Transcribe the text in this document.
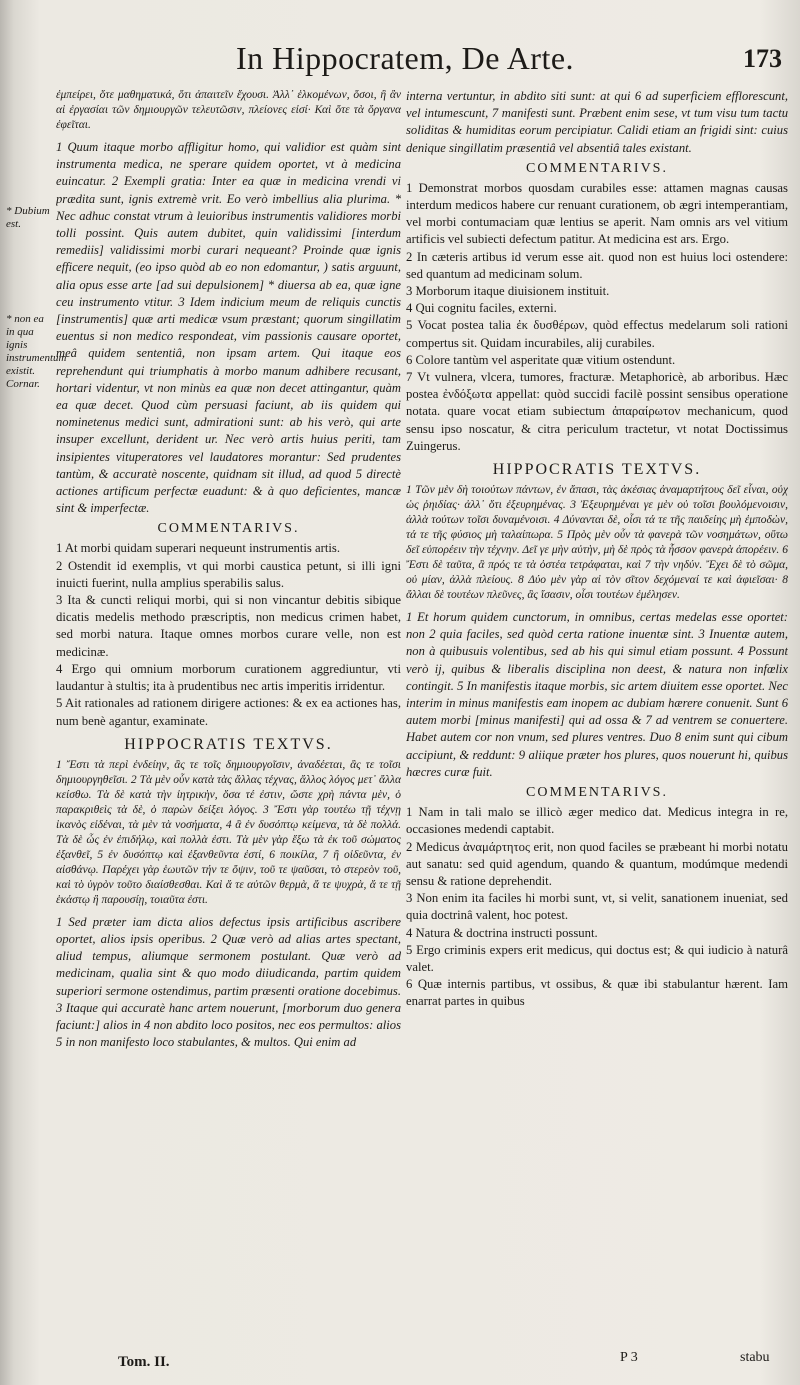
In Hippocratem, De Arte.	173
* Dubium est.
* non ea in qua ignis instrumentum existit. Cornar.

ἐμπείρει, ὅτε μαθηματικά, ὅτι ἀπαιτεῖν ἔχουσι. Ἀλλ᾽ ἑλκομένων, ὅσοι, ἢ ἂν αἱ ἐργασίαι τῶν δημιουργῶν τελευτῶσιν, πλείονες εἰσί· Καὶ ὅτε τὰ ὄργανα ἐφεῖται.

1 Quum itaque morbo affligitur homo, qui validior est quàm sint instrumenta medica, ne sperare quidem oportet, vt à medicina euincatur. 2 Exempli gratia: Inter ea quæ in medicina vrendi vi prædita sunt, ignis extremè vrit. Eo verò imbellius alia plurima. * Nec adhuc constat vtrum à leuioribus instrumentis validiores morbi tolli possint. Quis autem dubitet, quin validissimi [interdum remediis] validissimi morbi curari nequeant? Proinde quæ ignis efficere nequit, (eo ipso quòd ab eo non edomantur, ) satis arguunt, alia opus esse arte [ad sui depulsionem] * diuersa ab ea, quæ igne ceu instrumento vtitur. 3 Idem indicium meum de reliquis cunctis [instrumentis] quæ arti medicæ vsum præstant; quorum singillatim euentus si non medico respondeat, vim passionis causare oportet, meâ quidem sententiâ, non ipsam artem. Qui itaque eos reprehendunt qui triumphatis à morbo manum adhibere recusant, hortari videntur, vt non minùs ea quæ non decet attingantur, quàm ea quæ decet. Quod cùm persuasi faciunt, ab iis quidem qui nominetenus medici sunt, admirationi sunt: ab his verò, qui arte insuper excellunt, derident ur. Nec verò artis huius periti, tam insipientes vituperatores vel laudatores morantur: Sed prudentes tantùm, & accuratè noscente, quidnam sit illud, ad quod 5 directè actiones artificum perfectæ euadunt: & à quo deficientes, mancæ sint & imperfectæ.

COMMENTARIVS.

1 At morbi quidam superari nequeunt instrumentis artis.

2 Ostendit id exemplis, vt qui morbi caustica petunt, si illi igni inuicti fuerint, nulla amplius sperabilis salus.

3 Ita & cuncti reliqui morbi, qui si non vincantur debitis sibique dicatis medelis methodo præscriptis, non medicus crimen habet, sed morbi natura. Itaque omnes morbos curare velle, non est medicinæ.

4 Ergo qui omnium morborum curationem aggrediuntur, vti laudantur à stultis; ita à prudentibus nec artis imperitis irridentur.

5 Ait rationales ad rationem dirigere actiones: & ex ea actiones has, num benè agantur, examinate.

HIPPOCRATIS TEXTVS.

1 Ἔστι τὰ περὶ ἐνδείην, ἃς τε τοῖς δημιουργοῖσιν, ἀναδέεται, ἃς τε τοῖσι δημιουργηθεῖσι. 2 Τὰ μὲν οὖν κατὰ τὰς ἄλλας τέχνας, ἄλλος λόγος μετ᾽ ἄλλα κείσθω. Τὰ δὲ κατὰ τὴν ἰητρικὴν, ὅσα τέ ἐστιν, ὥστε χρὴ πάντα μὲν, ὁ παρακριθεὶς τὰ δὲ, ὁ παρὼν δείξει λόγος. 3 Ἔστι γὰρ τουτέω τῇ τέχνῃ ἱκανὸς εἰδέναι, τὰ μὲν τὰ νοσήματα, 4 ἃ ἐν δυσόπτῳ κείμενα, τὰ δὲ πολλά. Τὰ δὲ ὧς ἐν ἐπιδήλῳ, καὶ πολλὰ ἐστι. Τὰ μὲν γὰρ ἔξω τὰ ἐκ τοῦ σώματος ἐξανθεῖ, 5 ἐν δυσόπτῳ καὶ ἐξανθεῦντα ἐστί, 6 ποικίλα, 7 ἢ οἰδεῦντα, ἐν αἰσθάνῳ. Παρέχει γὰρ ἑωυτῶν τήν τε ὄψιν, τοῦ τε ψαῦσαι, τὸ στερεὸν τοῦ, καὶ τὸ ὑγρὸν τοῦτο διαίσθεσθαι. Καὶ ἅ τε αὐτῶν θερμὰ, ἅ τε ψυχρὰ, ἅ τε τῇ ἑκάστῳ ἢ παρουσίῃ, τοιαῦτα ἐστι.

1 Sed præter iam dicta alios defectus ipsis artificibus ascribere oportet, alios ipsis operibus. 2 Quæ verò ad alias artes spectant, aliud tempus, aliumque sermonem postulant. Quæ verò ad medicinam, qualia sint & quo modo diiudicanda, partim quidem superiori sermone ostendimus, partim præsenti oratione docebimus. 3 Itaque qui accuratè hanc artem nouerunt, [morborum duo genera faciunt:] alios in 4 non abdito loco positos, nec eos permultos: alios 5 in non manifesto loco stabulantes, & multos. Qui enim ad

interna vertuntur, in abdito siti sunt: at qui 6 ad superficiem efflorescunt, vel intumescunt, 7 manifesti sunt. Præbent enim sese, vt tum visu tum tactu soliditas & humiditas eorum percipiatur. Calidi etiam an frigidi sint: cuius denique singillatim præsentiâ vel absentiâ tales existant.

COMMENTARIVS.

1 Demonstrat morbos quosdam curabiles esse: attamen magnas causas interdum medicos habere cur renuant curationem, ob ægri intemperantiam, vel morbi contumaciam quæ lentius se aperit. Nam omnis ars vel vitium artificis vel subiecti defectum patitur. At medicina est ars. Ergo.

2 In cæteris artibus id verum esse ait. quod non est huius loci ostendere: sed quantum ad medicinam solum.

3 Morborum itaque diuisionem instituit.

4 Qui cognitu faciles, externi.

5 Vocat postea talia ἐκ δυσθέρων, quòd effectus medelarum soli rationi compertus sit. Quidam incurabiles, alij curabiles.

6 Colore tantùm vel asperitate quæ vitium ostendunt.

7 Vt vulnera, vlcera, tumores, fracturæ. Metaphoricè, ab arboribus. Hæc postea ἐνδόξωτα appellat: quòd succidi facilè possint sensibus operatione notata. quare vocat etiam subiectum ἀπαραίρωτον mechanicum, quod sensu ipso noscatur, & citra periculum tractetur, vt notat Doctissimus Zuingerus.

HIPPOCRATIS TEXTVS.

1 Τῶν μὲν δὴ τοιούτων πάντων, ἐν ἅπασι, τὰς ἀκέσιας ἀναμαρτήτους δεῖ εἶναι, οὐχ ὡς ῥηιδίας· ἀλλ᾽ ὅτι ἐξευρημένας. 3 Ἐξευρημέναι γε μὲν οὐ τοῖσι βουλόμενοισιν, ἀλλὰ τούτων τοῖσι δυναμένοισι. 4 Δύνανται δὲ, οἷσι τά τε τῆς παιδείης μὴ ἐμποδὼν, τά τε τῆς φύσιος μὴ ταλαίπωρα. 5 Πρὸς μὲν οὖν τὰ φανερὰ τῶν νοσημάτων, οὕτω δεῖ εὐπορέειν τὴν τέχνην. Δεῖ γε μὴν αὐτὴν, μὴ δὲ πρὸς τὰ ἧσσον φανερὰ ἀπορέειν. 6 Ἔστι δὲ ταῦτα, ἃ πρός τε τὰ ὀστέα τετράφαται, καὶ 7 τὴν νηδύν. Ἔχει δὲ τὸ σῶμα, οὐ μίαν, ἀλλὰ πλείους. 8 Δύο μὲν γὰρ αἱ τὸν σῖτον δεχόμεναί τε καὶ ἀφιεῖσαι· 8 ἄλλαι δὲ τουτέων πλεῦνες, ἃς ἴσασιν, οἷσι τουτέων ἐμέλησεν.

1 Et horum quidem cunctorum, in omnibus, certas medelas esse oportet: non 2 quia faciles, sed quòd certa ratione inuentæ sint. 3 Inuentæ autem, non à quibusuis volentibus, sed ab his qui simul etiam possunt. 4 Possunt verò ij, quibus & liberalis disciplina non deest, & natura non infœlix contingit. 5 In manifestis itaque morbis, sic artem diuitem esse oportet. Nec interim in minus manifestis eam inopem ac dubiam hærere conuenit. Sunt 6 autem morbi [minus manifesti] qui ad ossa & 7 ad ventrem se conuertere. Habet autem cor non vnum, sed plures ventres. Duo 8 enim sunt qui cibum accipiunt, & reddunt: 9 aliique præter hos plures, quos nouerunt hi, quibus hæcres curæ fuit.

COMMENTARIVS.

1 Nam in tali malo se illicò æger medico dat. Medicus integra in re, occasiones medendi captabit.

2 Medicus ἀναμάρτητος erit, non quod faciles se præbeant hi morbi notatu aut sanatu: sed quid agendum, quando & quantum, modúmque medendi sensu & ratione deprehendit.

3 Non enim ita faciles hi morbi sunt, vt, si velit, sanationem inueniat, sed quia doctrinâ valent, hoc potest.

4 Natura & doctrina instructi possunt.

5 Ergo criminis expers erit medicus, qui doctus est; & qui iudicio à naturâ valet.

6 Quæ internis partibus, vt ossibus, & quæ ibi stabulantur hærent. Iam enarrat partes in quibus

Tom. II.	P 3	stabu
